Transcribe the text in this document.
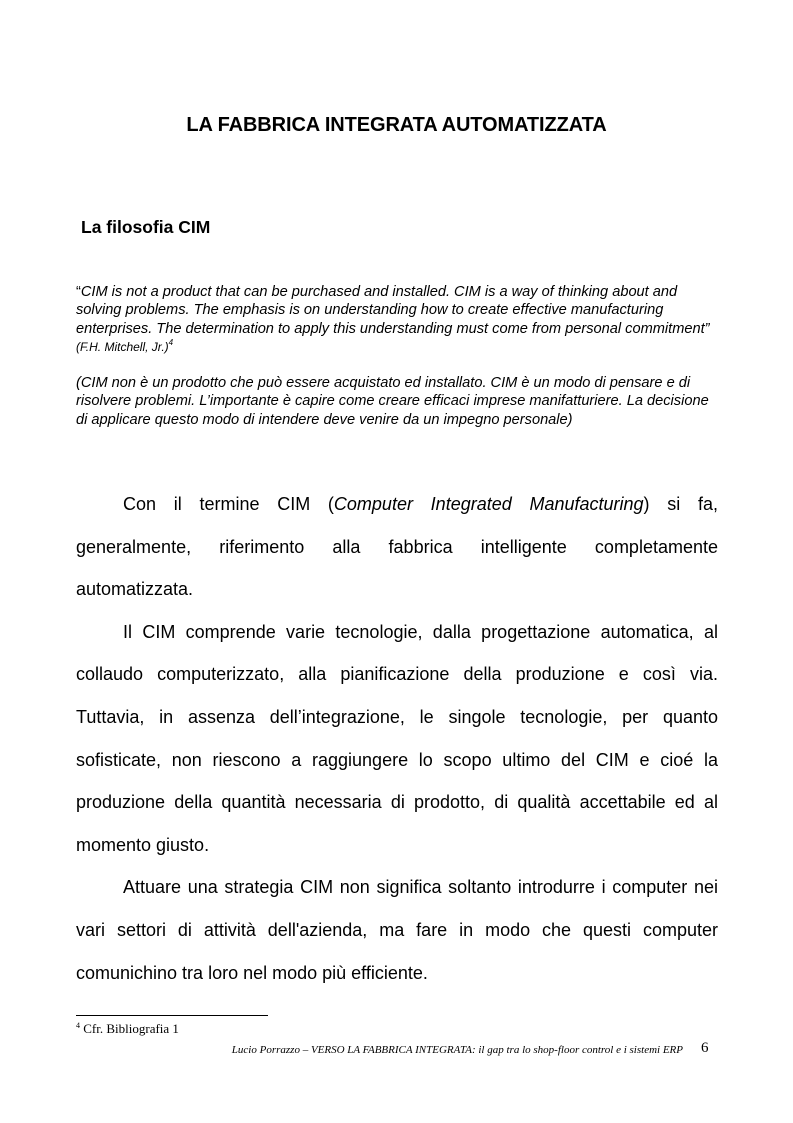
LA FABBRICA INTEGRATA AUTOMATIZZATA
La filosofia CIM
“CIM is not a product that can be purchased and installed. CIM is a way of thinking about and solving problems. The emphasis is on understanding how to create effective manufacturing enterprises. The determination to apply this understanding must come from personal commitment” (F.H. Mitchell, Jr.)$^4$
(CIM non è un prodotto che può essere acquistato ed installato. CIM è un modo di pensare e di risolvere problemi. L’importante è capire come creare efficaci imprese manifatturiere. La decisione di applicare questo modo di intendere deve venire da un impegno personale)

Con il termine CIM (Computer Integrated Manufacturing) si fa, generalmente, riferimento alla fabbrica intelligente completamente automatizzata.

Il CIM comprende varie tecnologie, dalla progettazione automatica, al collaudo computerizzato, alla pianificazione della produzione e così via. Tuttavia, in assenza dell’integrazione, le singole tecnologie, per quanto sofisticate, non riescono a raggiungere lo scopo ultimo del CIM e cioé la produzione della quantità necessaria di prodotto, di qualità accettabile ed al momento giusto.

Attuare una strategia CIM non significa soltanto introdurre i computer nei vari settori di attività dell'azienda, ma fare in modo che questi computer comunichino tra loro nel modo più efficiente.

$^4$ Cfr. Bibliografia 1
Lucio Porrazzo – VERSO LA FABBRICA INTEGRATA: il gap tra lo shop-floor control e i sistemi ERP 6
